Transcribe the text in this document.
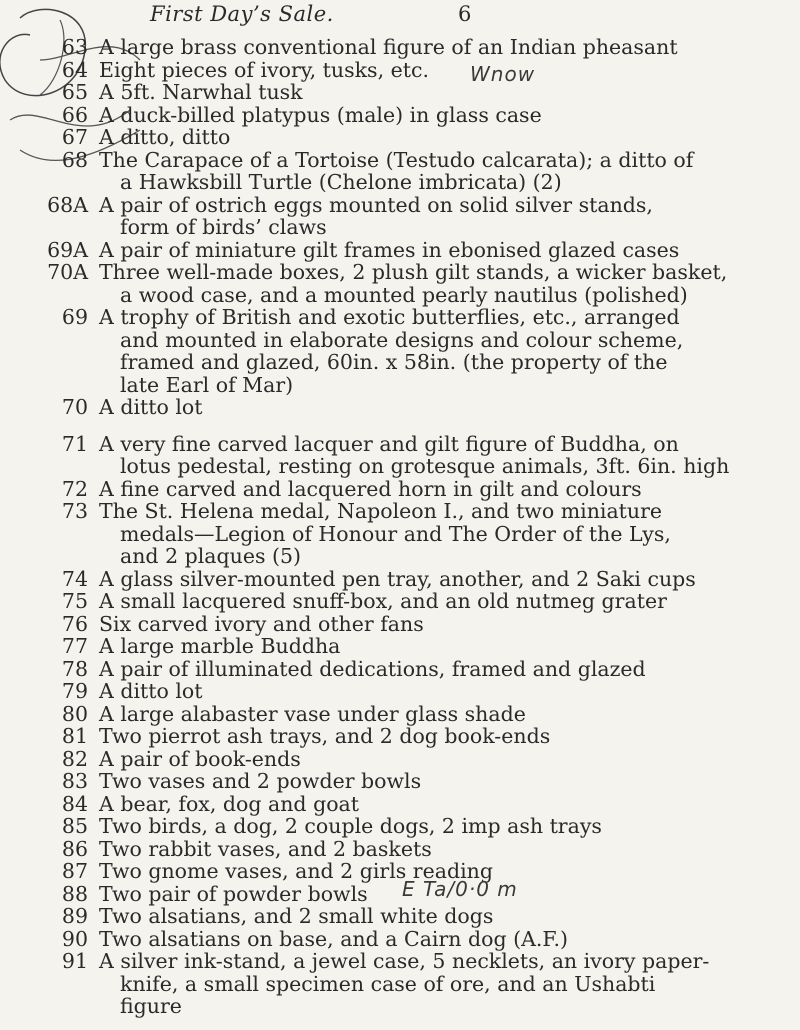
First Day’s Sale.	6
63 A large brass conventional figure of an Indian pheasant
64 Eight pieces of ivory, tusks, etc.
65 A 5ft. Narwhal tusk
66 A duck-billed platypus (male) in glass case
67 A ditto, ditto
68 The Carapace of a Tortoise (Testudo calcarata); a ditto of
a Hawksbill Turtle (Chelone imbricata) (2)
68A A pair of ostrich eggs mounted on solid silver stands,
form of birds’ claws
69A A pair of miniature gilt frames in ebonised glazed cases
70A Three well-made boxes, 2 plush gilt stands, a wicker basket,
a wood case, and a mounted pearly nautilus (polished)
69 A trophy of British and exotic butterflies, etc., arranged
and mounted in elaborate designs and colour scheme,
framed and glazed, 60in. x 58in. (the property of the
late Earl of Mar)
70 A ditto lot
71 A very fine carved lacquer and gilt figure of Buddha, on
lotus pedestal, resting on grotesque animals, 3ft. 6in. high
72 A fine carved and lacquered horn in gilt and colours
73 The St. Helena medal, Napoleon I., and two miniature
medals—Legion of Honour and The Order of the Lys,
and 2 plaques (5)
74 A glass silver-mounted pen tray, another, and 2 Saki cups
75 A small lacquered snuff-box, and an old nutmeg grater
76 Six carved ivory and other fans
77 A large marble Buddha
78 A pair of illuminated dedications, framed and glazed
79 A ditto lot
80 A large alabaster vase under glass shade
81 Two pierrot ash trays, and 2 dog book-ends
82 A pair of book-ends
83 Two vases and 2 powder bowls
84 A bear, fox, dog and goat
85 Two birds, a dog, 2 couple dogs, 2 imp ash trays
86 Two rabbit vases, and 2 baskets
87 Two gnome vases, and 2 girls reading
88 Two pair of powder bowls
89 Two alsatians, and 2 small white dogs
90 Two alsatians on base, and a Cairn dog (A.F.)
91 A silver ink-stand, a jewel case, 5 necklets, an ivory paper-
knife, a small specimen case of ore, and an Ushabti
figure
Wnow
E Ta/0·0 m
